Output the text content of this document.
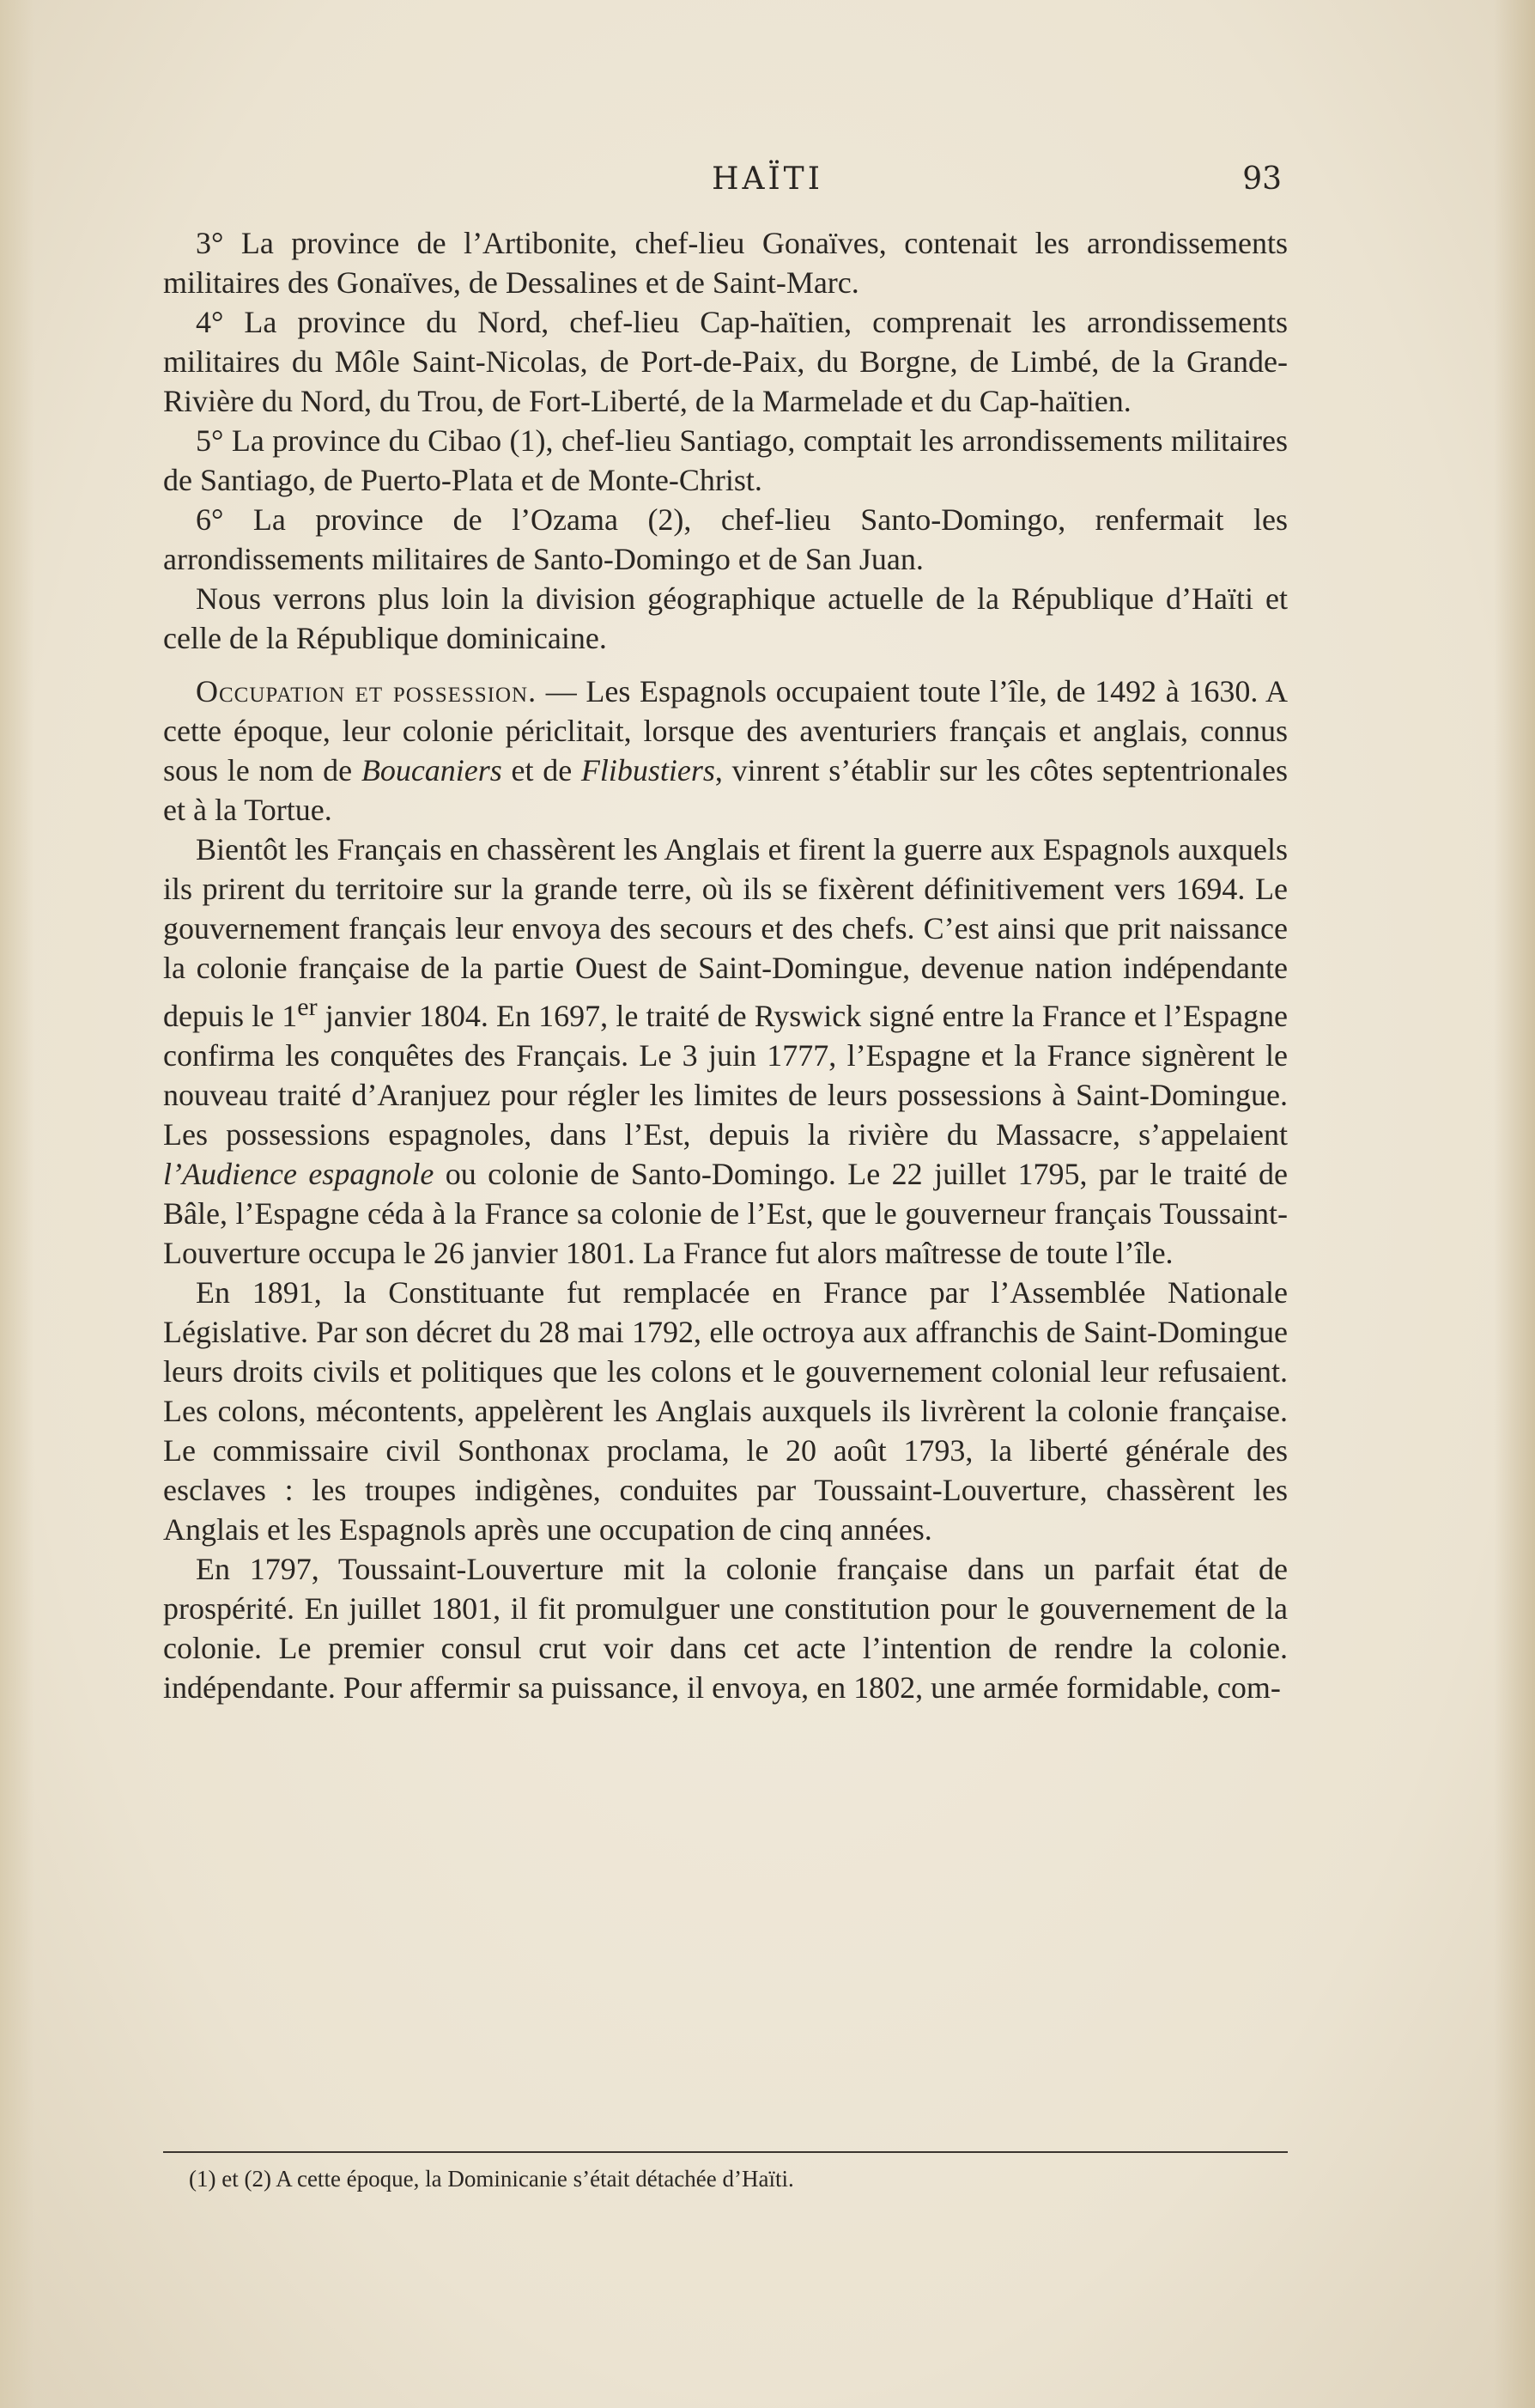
HAÏTI	93

3° La province de l’Artibonite, chef-lieu Gonaïves, contenait les arrondissements militaires des Gonaïves, de Dessalines et de Saint-Marc.

4° La province du Nord, chef-lieu Cap-haïtien, comprenait les arrondissements militaires du Môle Saint-Nicolas, de Port-de-Paix, du Borgne, de Limbé, de la Grande-Rivière du Nord, du Trou, de Fort-Liberté, de la Marmelade et du Cap-haïtien.

5° La province du Cibao (1), chef-lieu Santiago, comptait les arrondissements militaires de Santiago, de Puerto-Plata et de Monte-Christ.

6° La province de l’Ozama (2), chef-lieu Santo-Domingo, renfermait les arrondissements militaires de Santo-Domingo et de San Juan.

Nous verrons plus loin la division géographique actuelle de la République d’Haïti et celle de la République dominicaine.

Occupation et possession. — Les Espagnols occupaient toute l’île, de 1492 à 1630. A cette époque, leur colonie périclitait, lorsque des aventuriers français et anglais, connus sous le nom de Boucaniers et de Flibustiers, vinrent s’établir sur les côtes septentrionales et à la Tortue.

Bientôt les Français en chassèrent les Anglais et firent la guerre aux Espagnols auxquels ils prirent du territoire sur la grande terre, où ils se fixèrent définitivement vers 1694. Le gouvernement français leur envoya des secours et des chefs. C’est ainsi que prit naissance la colonie française de la partie Ouest de Saint-Domingue, devenue nation indépendante depuis le 1er janvier 1804. En 1697, le traité de Ryswick signé entre la France et l’Espagne confirma les conquêtes des Français. Le 3 juin 1777, l’Espagne et la France signèrent le nouveau traité d’Aranjuez pour régler les limites de leurs possessions à Saint-Domingue. Les possessions espagnoles, dans l’Est, depuis la rivière du Massacre, s’appelaient l’Audience espagnole ou colonie de Santo-Domingo. Le 22 juillet 1795, par le traité de Bâle, l’Espagne céda à la France sa colonie de l’Est, que le gouverneur français Toussaint-Louverture occupa le 26 janvier 1801. La France fut alors maîtresse de toute l’île.

En 1891, la Constituante fut remplacée en France par l’Assemblée Nationale Législative. Par son décret du 28 mai 1792, elle octroya aux affranchis de Saint-Domingue leurs droits civils et politiques que les colons et le gouvernement colonial leur refusaient. Les colons, mécontents, appelèrent les Anglais auxquels ils livrèrent la colonie française. Le commissaire civil Sonthonax proclama, le 20 août 1793, la liberté générale des esclaves : les troupes indigènes, conduites par Toussaint-Louverture, chassèrent les Anglais et les Espagnols après une occupation de cinq années.

En 1797, Toussaint-Louverture mit la colonie française dans un parfait état de prospérité. En juillet 1801, il fit promulguer une constitution pour le gouvernement de la colonie. Le premier consul crut voir dans cet acte l’intention de rendre la colonie. indépendante. Pour affermir sa puissance, il envoya, en 1802, une armée formidable, com-

(1) et (2) A cette époque, la Dominicanie s’était détachée d’Haïti.
